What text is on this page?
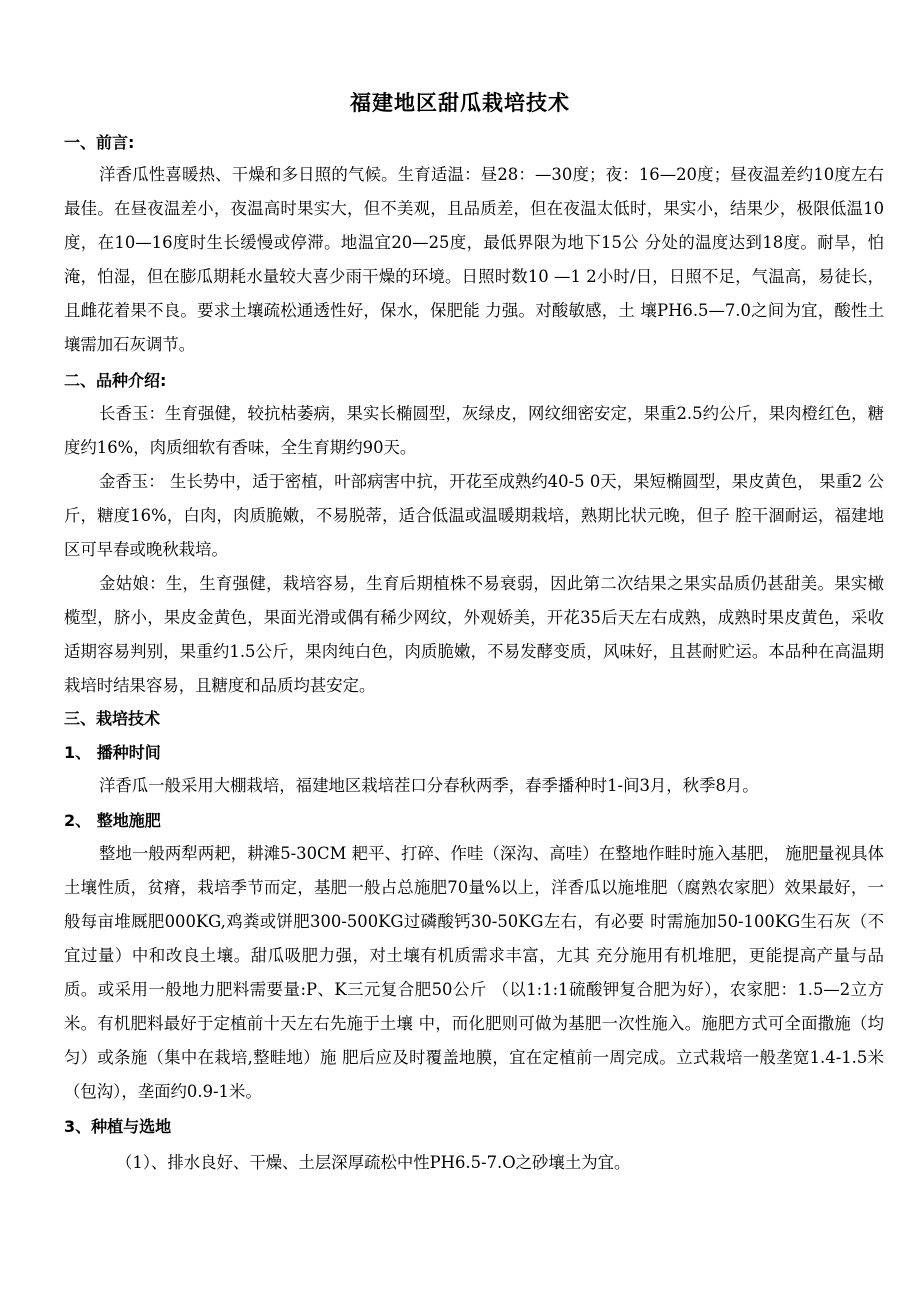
福建地区甜瓜栽培技术
一、前言:

洋香瓜性喜暖热、干燥和多日照的气候。生育适温：昼28：—30度；夜：16—20度；昼夜温差约10度左右最佳。在昼夜温差小，夜温高时果实大，但不美观，且品质差，但在夜温太低时，果实小，结果少，极限低温10度，在10—16度时生长缓慢或停滞。地温宜20—25度，最低界限为地下15公 分处的温度达到18度。耐旱，怕淹，怕湿，但在膨瓜期耗水量较大喜少雨干燥的环境。日照时数10 —1 2小时/日，日照不足，气温高，易徒长，且雌花着果不良。要求土壤疏松通透性好，保水，保肥能 力强。对酸敏感，土 壤PH6.5—7.0之间为宜，酸性土壤需加石灰调节。

二、品种介绍:

长香玉：生育强健，较抗枯萎病，果实长椭圆型，灰绿皮，网纹细密安定，果重2.5约公斤，果肉橙红色，糖度约16%，肉质细软有香味，全生育期约90天。

金香玉： 生长势中，适于密植，叶部病害中抗，开花至成熟约40-5 0天，果短椭圆型，果皮黄色， 果重2 公斤，糖度16%，白肉，肉质脆嫩，不易脱蒂，适合低温或温暖期栽培，熟期比状元晚，但子 腔干涸耐运，福建地区可早春或晚秋栽培。

金姑娘：生，生育强健，栽培容易，生育后期植株不易衰弱，因此第二次结果之果实品质仍甚甜美。果实橄榄型，脐小，果皮金黄色，果面光滑或偶有稀少网纹，外观娇美，开花35后天左右成熟，成熟时果皮黄色，采收适期容易判别，果重约1.5公斤，果肉纯白色，肉质脆嫩，不易发酵变质，风味好，且甚耐贮运。本品种在高温期栽培时结果容易，且糖度和品质均甚安定。

三、栽培技术
1、 播种时间

洋香瓜一般采用大棚栽培，福建地区栽培茬口分春秋两季，春季播种时1-间3月，秋季8月。

2、 整地施肥

整地一般两犁两耙，耕滩5-30CM 耙平、打碎、作哇（深沟、高哇）在整地作畦时施入基肥， 施肥量视具体土壤性质，贫瘠，栽培季节而定，基肥一般占总施肥70量%以上，洋香瓜以施堆肥（腐熟农家肥）效果最好，一般每亩堆厩肥000KG,鸡粪或饼肥300-500KG过磷酸钙30-50KG左右，有必要 时需施加50-100KG生石灰（不宜过量）中和改良土壤。甜瓜吸肥力强，对土壤有机质需求丰富，尢其 充分施用有机堆肥，更能提高产量与品质。或采用一般地力肥料需要量:P、K三元复合肥50公斤 （以1:1:1硫酸钾复合肥为好），农家肥：1.5—2立方米。有机肥料最好于定植前十天左右先施于土壤 中，而化肥则可做为基肥一次性施入。施肥方式可全面撒施（均匀）或条施（集中在栽培,整畦地）施 肥后应及时覆盖地膜，宜在定植前一周完成。立式栽培一般垄宽1.4-1.5米（包沟），垄面约0.9-1米。

3、种植与选地

（1）、排水良好、干燥、土层深厚疏松中性PH6.5-7.O之砂壤土为宜。
